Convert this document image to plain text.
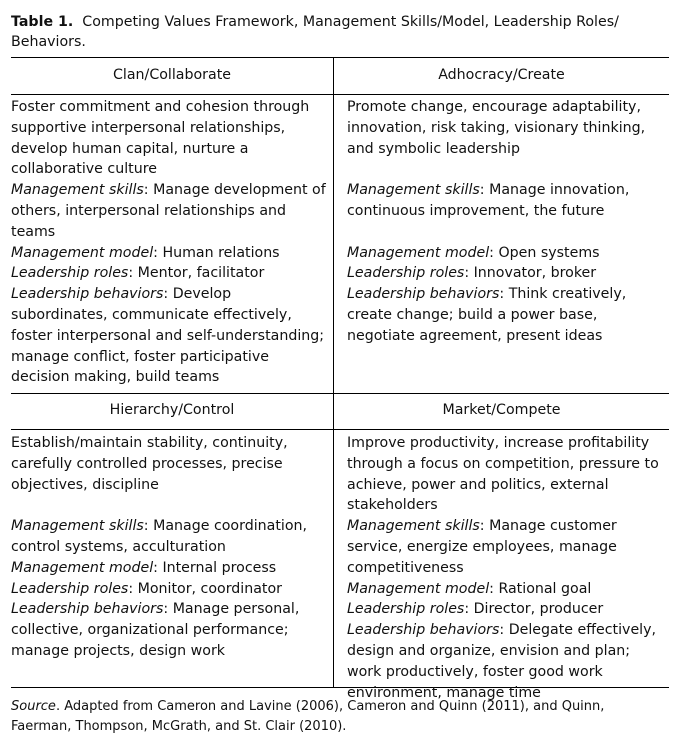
Table 1. Competing Values Framework, Management Skills/Model, Leadership Roles/ Behaviors.
Clan/Collaborate	Adhocracy/Create
Hierarchy/Control	Market/Compete

Foster commitment and cohesion through supportive interpersonal relationships, develop human capital, nurture a collaborative culture

Management skills: Manage development of others, interpersonal relationships and teams

Management model: Human relations

Leadership roles: Mentor, facilitator

Leadership behaviors: Develop subordinates, communicate effectively, foster interpersonal and self-understanding; manage conflict, foster participative decision making, build teams

Promote change, encourage adaptability, innovation, risk taking, visionary thinking, and symbolic leadership

Management skills: Manage innovation, continuous improvement, the future

Management model: Open systems

Leadership roles: Innovator, broker

Leadership behaviors: Think creatively, create change; build a power base, negotiate agreement, present ideas

Establish/maintain stability, continuity, carefully controlled processes, precise objectives, discipline

Management skills: Manage coordination, control systems, acculturation

Management model: Internal process

Leadership roles: Monitor, coordinator

Leadership behaviors: Manage personal, collective, organizational performance; manage projects, design work

Improve productivity, increase profitability through a focus on competition, pressure to achieve, power and politics, external stakeholders

Management skills: Manage customer service, energize employees, manage competitiveness

Management model: Rational goal

Leadership roles: Director, producer

Leadership behaviors: Delegate effectively, design and organize, envision and plan; work productively, foster good work environment, manage time

Source. Adapted from Cameron and Lavine (2006), Cameron and Quinn (2011), and Quinn, Faerman, Thompson, McGrath, and St. Clair (2010).
